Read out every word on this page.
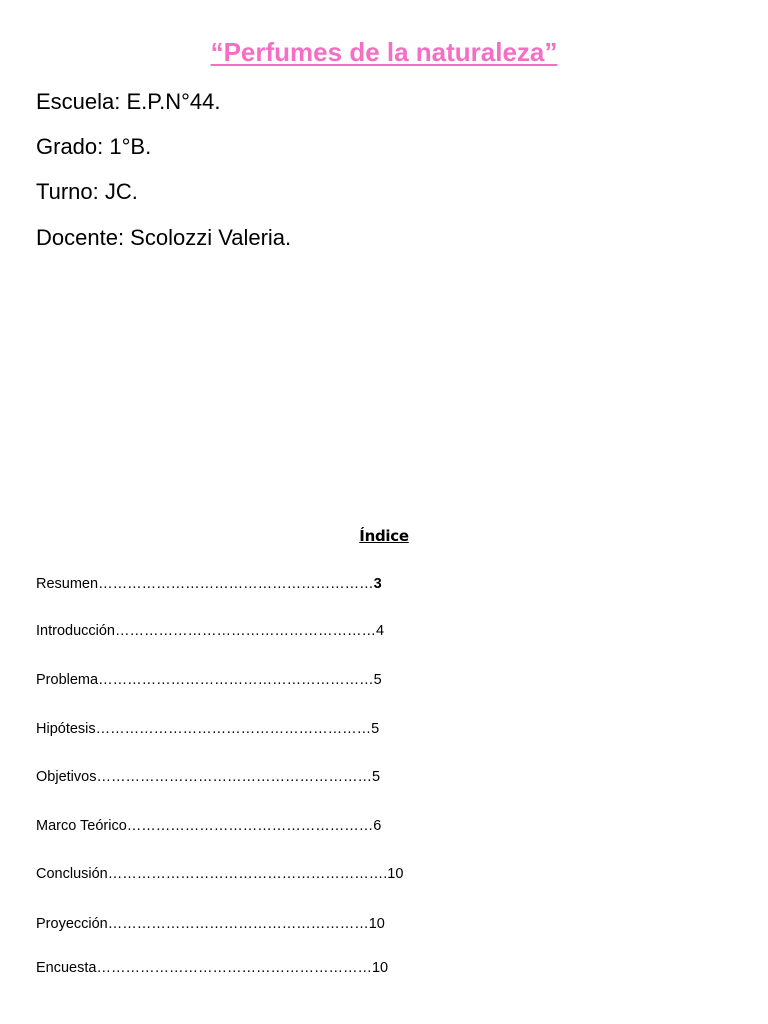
“Perfumes de la naturaleza”
Escuela: E.P.N°44.
Grado: 1°B.
Turno: JC.
Docente: Scolozzi Valeria.
Índice
Resumen…………………………………………………3
Introducción………………………………………………4
Problema…………………………………………………5
Hipótesis…………………………………………………5
Objetivos…………………………………………………5
Marco Teórico……………………………………………6
Conclusión………………………………………………….10
Proyección………………………………………………10
Encuesta…………………………………………………10
